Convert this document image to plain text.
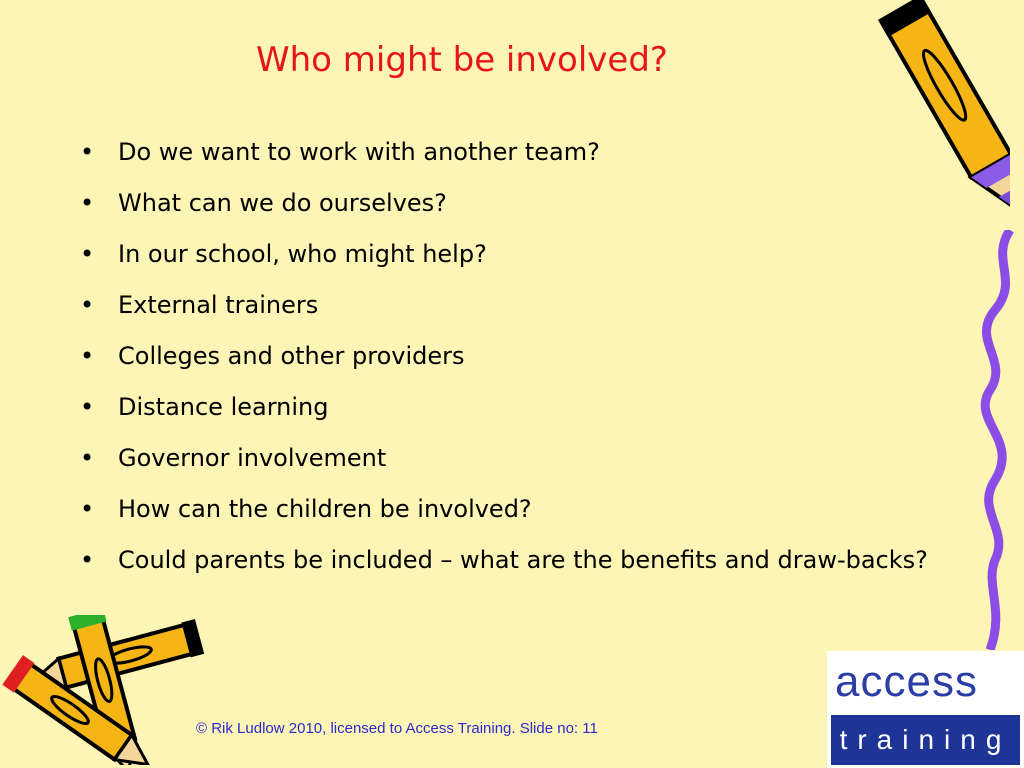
Who might be involved?
• Do we want to work with another team?
• What can we do ourselves?
• In our school, who might help?
• External trainers
• Colleges and other providers
• Distance learning
• Governor involvement
• How can the children be involved?
• Could parents be included – what are the benefits and draw-backs?
© Rik Ludlow 2010, licensed to Access Training. Slide no: 11
access
training
